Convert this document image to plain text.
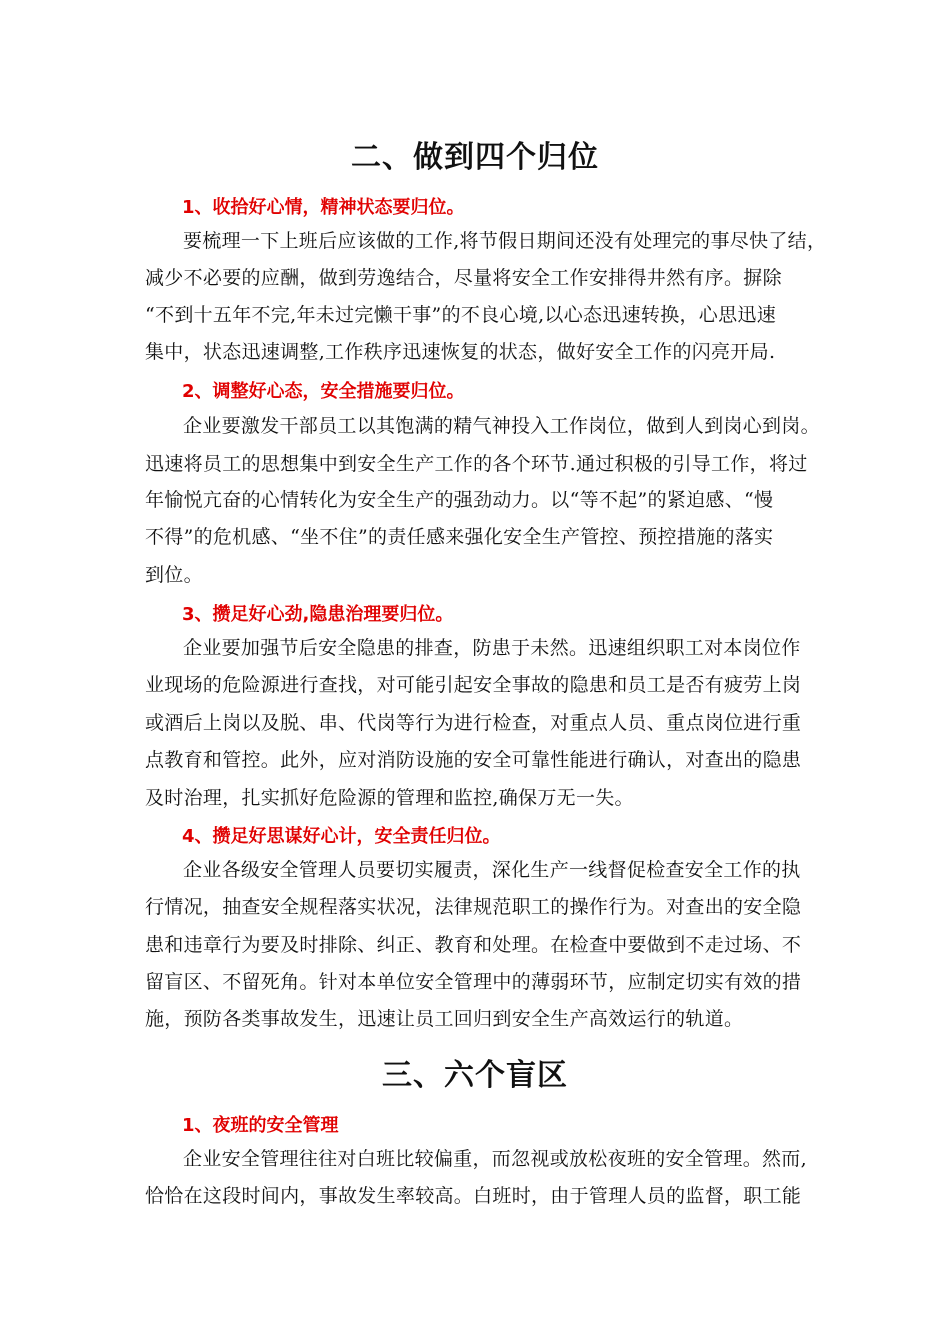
二、做到四个归位
1、收拾好心情，精神状态要归位。
要梳理一下上班后应该做的工作,将节假日期间还没有处理完的事尽快了结，
减少不必要的应酬，做到劳逸结合，尽量将安全工作安排得井然有序。摒除
“不到十五年不完,年未过完懒干事”的不良心境,以心态迅速转换，心思迅速
集中，状态迅速调整,工作秩序迅速恢复的状态，做好安全工作的闪亮开局.
2、调整好心态，安全措施要归位。
企业要激发干部员工以其饱满的精气神投入工作岗位，做到人到岗心到岗。
迅速将员工的思想集中到安全生产工作的各个环节.通过积极的引导工作，将过
年愉悦亢奋的心情转化为安全生产的强劲动力。以“等不起”的紧迫感、“慢
不得”的危机感、“坐不住”的责任感来强化安全生产管控、预控措施的落实
到位。
3、攒足好心劲,隐患治理要归位。
企业要加强节后安全隐患的排查，防患于未然。迅速组织职工对本岗位作
业现场的危险源进行查找，对可能引起安全事故的隐患和员工是否有疲劳上岗
或酒后上岗以及脱、串、代岗等行为进行检查，对重点人员、重点岗位进行重
点教育和管控。此外，应对消防设施的安全可靠性能进行确认，对查出的隐患
及时治理，扎实抓好危险源的管理和监控,确保万无一失。
4、攒足好思谋好心计，安全责任归位。
企业各级安全管理人员要切实履责，深化生产一线督促检查安全工作的执
行情况，抽查安全规程落实状况，法律规范职工的操作行为。对查出的安全隐
患和违章行为要及时排除、纠正、教育和处理。在检查中要做到不走过场、不
留盲区、不留死角。针对本单位安全管理中的薄弱环节，应制定切实有效的措
施，预防各类事故发生，迅速让员工回归到安全生产高效运行的轨道。
三、六个盲区
1、夜班的安全管理
企业安全管理往往对白班比较偏重，而忽视或放松夜班的安全管理。然而,
恰恰在这段时间内，事故发生率较高。白班时，由于管理人员的监督，职工能
